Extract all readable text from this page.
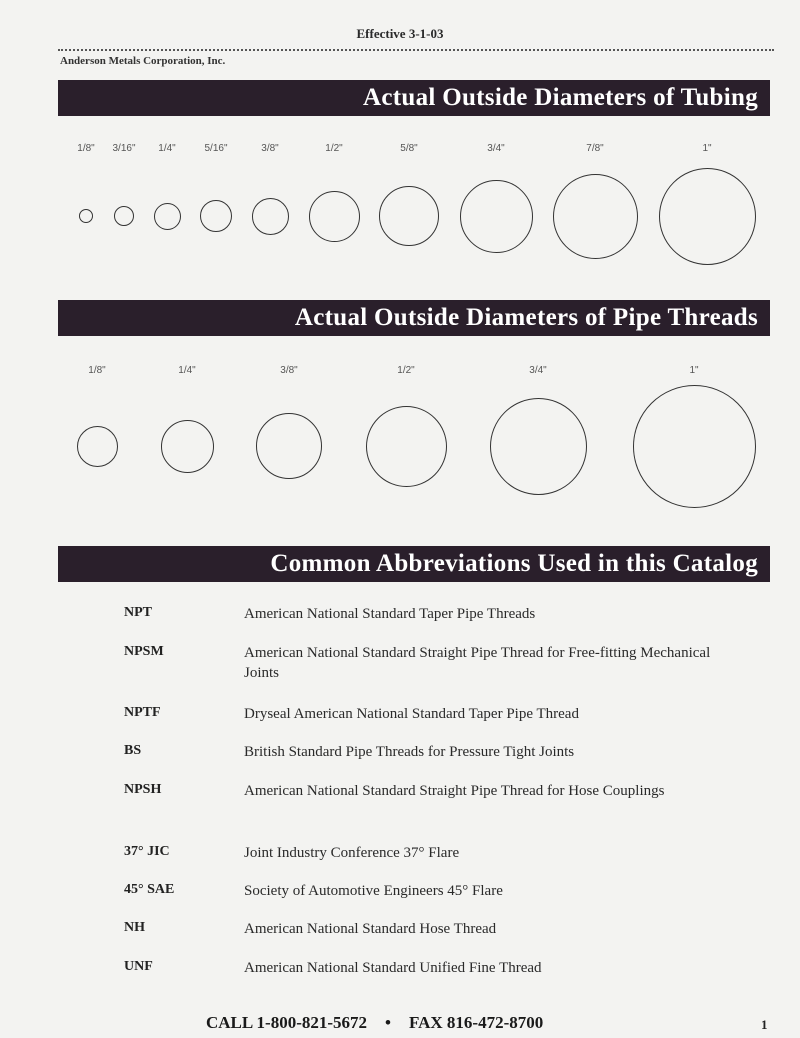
Effective 3-1-03
Anderson Metals Corporation, Inc.
Actual Outside Diameters of Tubing
1/8" 3/16" 1/4"	5/16"	3/8"	1/2"	5/8"	3/4"	7/8"	1"
Actual Outside Diameters of Pipe Threads
1/8"	1/4"	3/8"	1/2"	3/4"	1"
Common Abbreviations Used in this Catalog
NPT	American National Standard Taper Pipe Threads
NPSM	American National Standard Straight Pipe Thread for Free-fitting Mechanical Joints
NPTF	Dryseal American National Standard Taper Pipe Thread
BS	British Standard Pipe Threads for Pressure Tight Joints
NPSH	American National Standard Straight Pipe Thread for Hose Couplings
37° JIC	Joint Industry Conference 37° Flare
45° SAE	Society of Automotive Engineers 45° Flare
NH	American National Standard Hose Thread
UNF	American National Standard Unified Fine Thread
CALL 1-800-821-5672 • FAX 816-472-8700	1
